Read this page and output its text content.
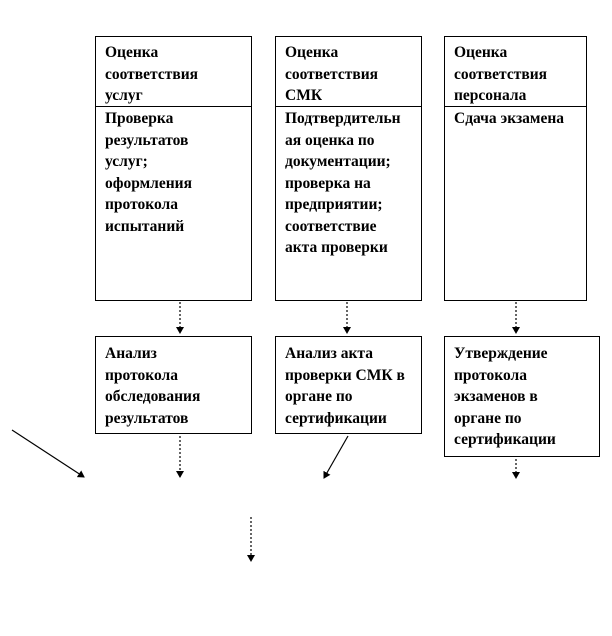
Оценка
соответствия
услуг
Проверка
результатов
услуг;
оформления
протокола
испытаний
Оценка
соответствия
СМК
Подтвердительн
ая оценка по
документации;
проверка на
предприятии;
соответствие
акта проверки
Оценка
соответствия
персонала
Сдача экзамена
Анализ
протокола
обследования
результатов
Анализ акта
проверки СМК в
органе по
сертификации
Утверждение
протокола
экзаменов в
органе по
сертификации
